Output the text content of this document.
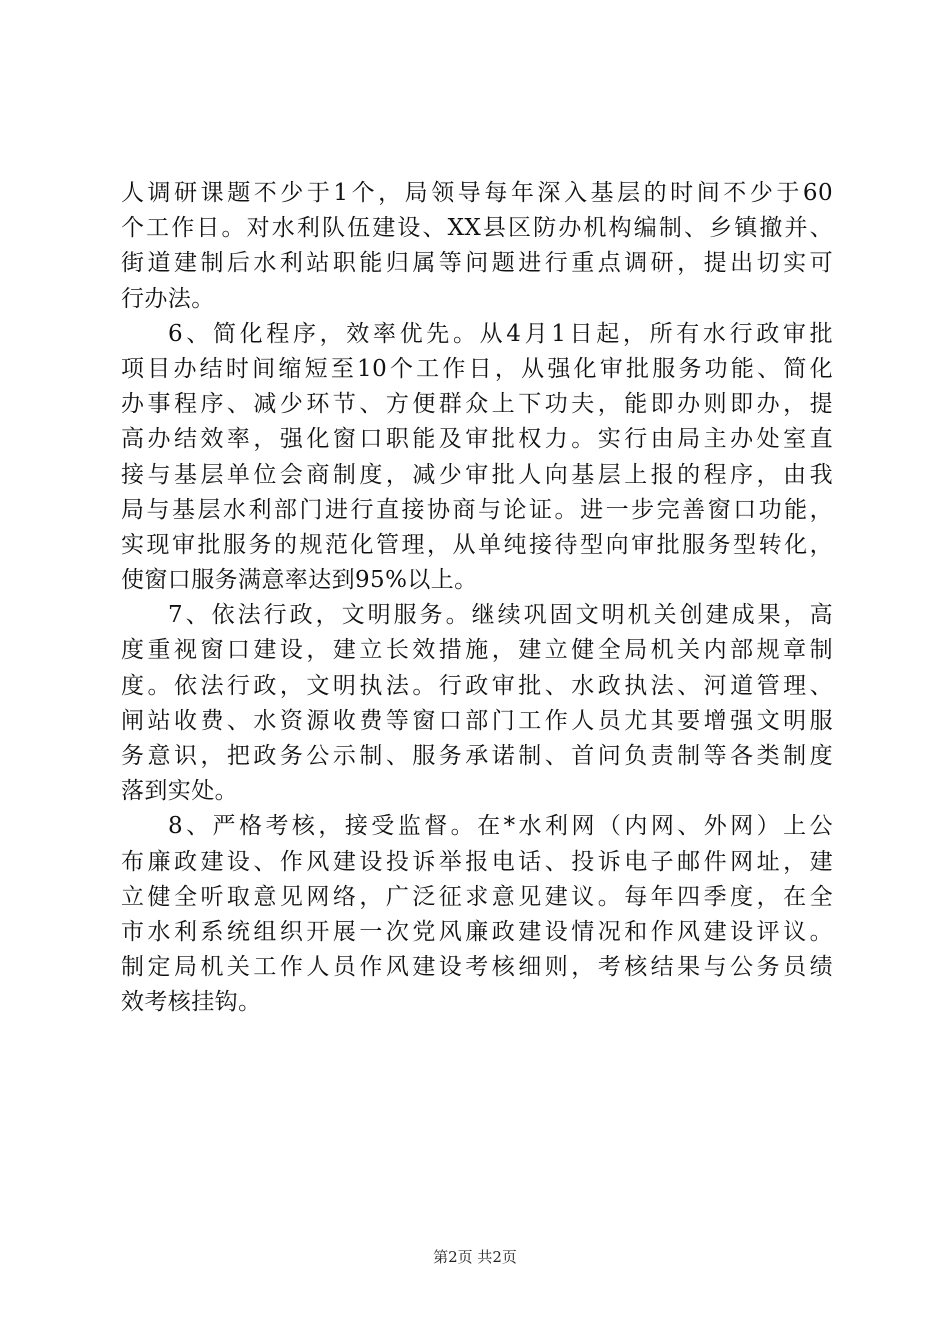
人调研课题不少于1个，局领导每年深入基层的时间不少于60
个工作日。对水利队伍建设、XX县区防办机构编制、乡镇撤并、
街道建制后水利站职能归属等问题进行重点调研，提出切实可
行办法。
6、简化程序，效率优先。从4月1日起，所有水行政审批
项目办结时间缩短至10个工作日，从强化审批服务功能、简化
办事程序、减少环节、方便群众上下功夫，能即办则即办，提
高办结效率，强化窗口职能及审批权力。实行由局主办处室直
接与基层单位会商制度，减少审批人向基层上报的程序，由我
局与基层水利部门进行直接协商与论证。进一步完善窗口功能，
实现审批服务的规范化管理，从单纯接待型向审批服务型转化，
使窗口服务满意率达到95%以上。
7、依法行政，文明服务。继续巩固文明机关创建成果，高
度重视窗口建设，建立长效措施，建立健全局机关内部规章制
度。依法行政，文明执法。行政审批、水政执法、河道管理、
闸站收费、水资源收费等窗口部门工作人员尤其要增强文明服
务意识，把政务公示制、服务承诺制、首问负责制等各类制度
落到实处。
8、严格考核，接受监督。在*水利网（内网、外网）上公
布廉政建设、作风建设投诉举报电话、投诉电子邮件网址，建
立健全听取意见网络，广泛征求意见建议。每年四季度，在全
市水利系统组织开展一次党风廉政建设情况和作风建设评议。
制定局机关工作人员作风建设考核细则，考核结果与公务员绩
效考核挂钩。
第2页 共2页
